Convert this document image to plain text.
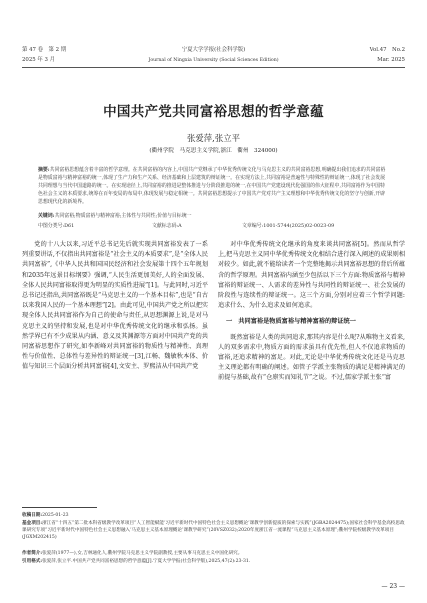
第 47 卷　第 2 期
2025 年 3 月
宁夏大学学报(社会科学版)
Journal of Ningxia University (Social Sciences Edition)
Vol.47　No.2
Mar. 2025
中国共产党共同富裕思想的哲学意蕴
张爱萍,张立平
(衢州学院　马克思主义学院,浙江　衢州　324000)
摘要:共同富裕思想蕴含着丰富的哲学意理。在共同富裕的内容上,中国共产党继承了中华优秀传统文化与马克思主义的共同富裕思想,明确提出我们追求的共同富裕是物质富裕与精神富裕的统一,体现了生产力和生产关系、经济基础和上层建筑的辩证统一。在实现方法上,共同富裕是普遍性与特殊性的辩证统一,体现了社会发展共同理想与当代中国道路的统一。在实现途径上,共同富裕的推进是整体推进与分阶段推进的统一,在中国共产党建设现代化强国的伟大征程中,共同富裕作为中国特色社会主义的本质要求,统筹在百年变局的布局中,体现发展与稳定相统一。共同富裕思想提示了中国共产党对共产主义理想和中华优秀传统文化的坚守与创新,开辟思想现代化的新境界。
关键词:共同富裕;物质富裕与精神富裕;主体性与共同性;价值与目标统一
中图分类号:D61	文献标志码:A	文章编号:1001-5744(2025)02-0023-09

党的十八大以来,习近平总书记先后就实现共同富裕发表了一系列重要讲话,不仅指出共同富裕是“社会主义的本质要求”,是“全体人民共同富裕”,《中华人民共和国国民经济和社会发展第十四个五年规划和2035年远景目标纲要》强调,“人民生活更加美好,人的全面发展、全体人民共同富裕取得更为明显的实质性进展”[1]。与此同时,习近平总书记还指出,共同富裕既是“马克思主义的一个基本目标”,也是“自古以来我国人民的一个基本理想”[2]。由此可见,中国共产党之所以把实现全体人民共同富裕作为自己的使命与责任,从思想渊源上说,是对马克思主义的坚持和发展,也是对中华优秀传统文化的继承和弘扬。虽然学界已有不少成果从内涵、意义及其渊源等方面对中国共产党的共同富裕思想作了研究,如李新峰对共同富裕的物质性与精神性、真理性与价值性、总体性与差异性的辩证统一[3],江畅、魏敏秋本体、价值与知识三个层面分析共同富裕[4],文安主、罗熙洁从中国共产党

对中华优秀传统文化继承的角度来谈共同富裕[5]。然而从哲学上,把马克思主义同中华优秀传统文化相结合进行深入阐述的成果则相对较少。如此,就不能给读者一个完整地揭示共同富裕思想的背后所蕴含的哲学原理。共同富裕内涵至少包括以下三个方面:物质富裕与精神富裕的辩证统一、人需求的差异性与共同性的辩证统一、社会发展的阶段性与连续性的辩证统一。这三个方面,分别对应着三个哲学问题:追求什么、为什么追求及如何追求。

一　共同富裕是物质富裕与精神富裕的辩证统一

既然富裕是人类的共同追求,那其内容是什么呢?从唯物主义看来,人的双多需求中,物质方面的需求虽具有优先性,但人不仅追求物质的富裕,还追求精神的富足。对此,无论是中华优秀传统文化还是马克思主义理论都有明确的阐述。如管子学派主张物质的满足是精神满足的前提与基础,故有“仓廪实而知礼节”之说。不过,儒家学派主张“富

收稿日期:2025-01-23
基金项目:浙江省“十四五”第二批本科省级教学改革项目“人工智能赋能‘习近平新时代中国特色社会主义思想概论’课教学创新提质的探索与实践”(JGBA2024475);国家社会科学基金高校思政课研究专项“习近平新时代中国特色社会主义思想融入‘马克思主义基本原理概论’课教学研究”(20VSZ032);2020年度浙江省一流课程“马克思主义基本原理”;衢州学院校级教学改革项目(JGXM202415)
作者简介:张爱萍(1977—),女,吉林通化人,衢州学院马克思主义学院副教授,主要从事马克思主义中国化研究。
引用格式:张爱萍,张立平.中国共产党共同富裕思想的哲学意蕴[J].宁夏大学学报(社会科学版),2025,47(2):23-31.
— 23 —
